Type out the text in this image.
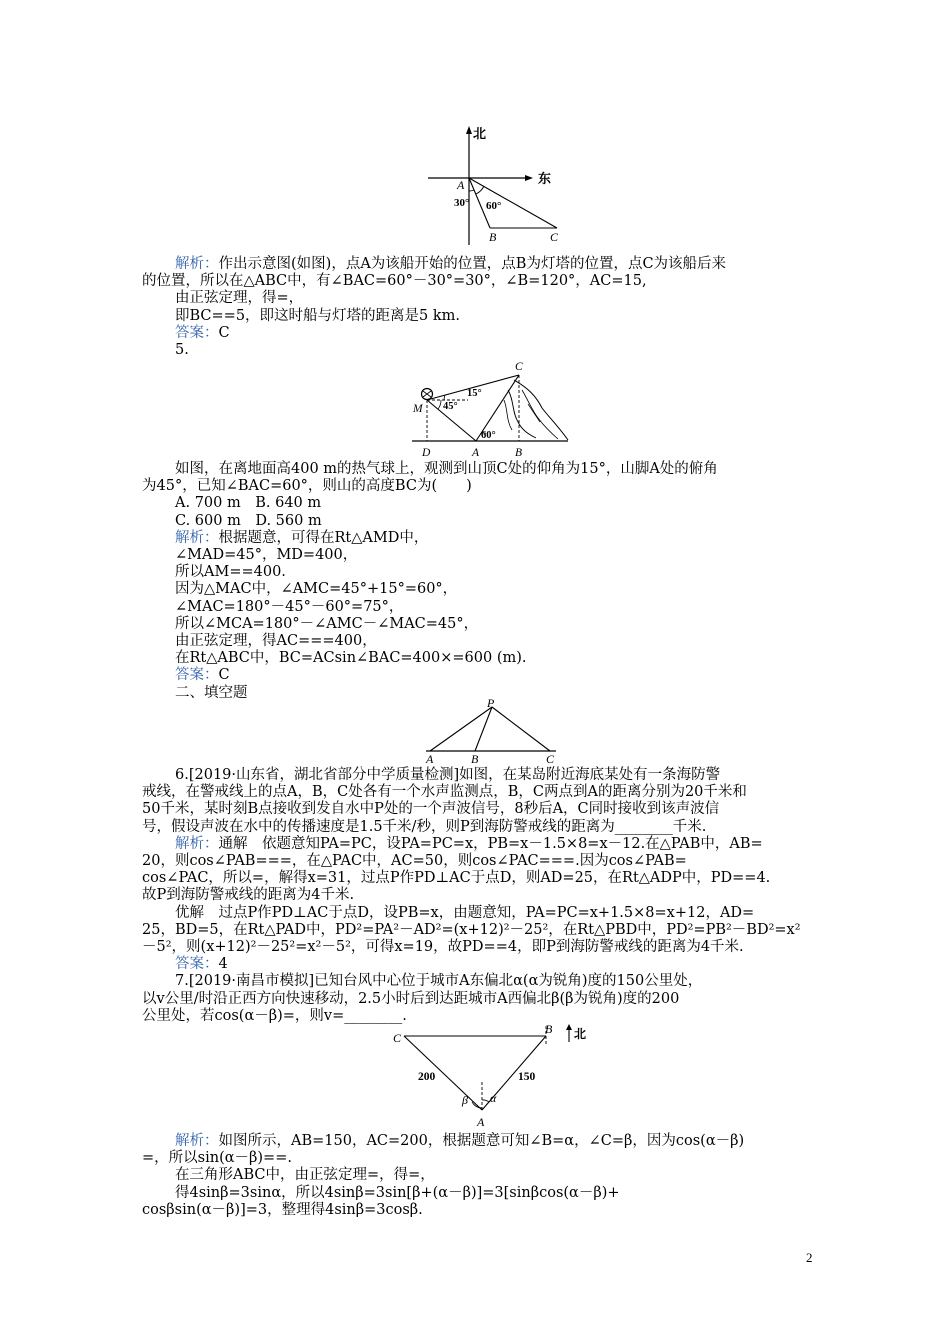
北
东
A
B	C
30° 60°
解析：作出示意图(如图)，点A为该船开始的位置，点B为灯塔的位置，点C为该船后来
的位置，所以在△ABC中，有∠BAC=60°－30°=30°，∠B=120°，AC=15,
由正弦定理，得=，
即BC==5，即这时船与灯塔的距离是5 km.
答案：C
5.
C
M
D	A	B
15°
45°
60°
如图，在离地面高400 m的热气球上，观测到山顶C处的仰角为15°，山脚A处的俯角
为45°，已知∠BAC=60°，则山的高度BC为(　　)
A. 700 m　B. 640 m
C. 600 m　D. 560 m
解析：根据题意，可得在Rt△AMD中，
∠MAD=45°，MD=400，
所以AM==400.
因为△MAC中，∠AMC=45°+15°=60°，
∠MAC=180°－45°－60°=75°，
所以∠MCA=180°－∠AMC－∠MAC=45°，
由正弦定理，得AC===400，
在Rt△ABC中，BC=ACsin∠BAC=400×=600 (m).
答案：C
二、填空题
P
A	B	C
6.[2019·山东省，湖北省部分中学质量检测]如图，在某岛附近海底某处有一条海防警
戒线，在警戒线上的点A，B，C处各有一个水声监测点，B，C两点到A的距离分别为20千米和
50千米，某时刻B点接收到发自水中P处的一个声波信号，8秒后A，C同时接收到该声波信
号，假设声波在水中的传播速度是1.5千米/秒，则P到海防警戒线的距离为________千米.
解析：通解　依题意知PA=PC，设PA=PC=x，PB=x－1.5×8=x－12.在△PAB中，AB=
20，则cos∠PAB===，在△PAC中，AC=50，则cos∠PAC===.因为cos∠PAB=
cos∠PAC，所以=，解得x=31，过点P作PD⊥AC于点D，则AD=25，在Rt△ADP中，PD==4.
故P到海防警戒线的距离为4千米.
优解　过点P作PD⊥AC于点D，设PB=x，由题意知，PA=PC=x+1.5×8=x+12，AD=
25，BD=5，在Rt△PAD中，PD²=PA²－AD²=(x+12)²－25²，在Rt△PBD中，PD²=PB²－BD²=x²
－5²，则(x+12)²－25²=x²－5²，可得x=19，故PD==4，即P到海防警戒线的距离为4千米.
答案：4
7.[2019·南昌市模拟]已知台风中心位于城市A东偏北α(α为锐角)度的150公里处，
以v公里/时沿正西方向快速移动，2.5小时后到达距城市A西偏北β(β为锐角)度的200
公里处，若cos(α－β)=，则v=________.
北
C
B
A
200	150
α
β
解析：如图所示，AB=150，AC=200，根据题意可知∠B=α，∠C=β，因为cos(α－β)
=，所以sin(α－β)==.
在三角形ABC中，由正弦定理=，得=，
得4sinβ=3sinα，所以4sinβ=3sin[β+(α－β)]=3[sinβcos(α－β)+
cosβsin(α－β)]=3，整理得4sinβ=3cosβ.
2
